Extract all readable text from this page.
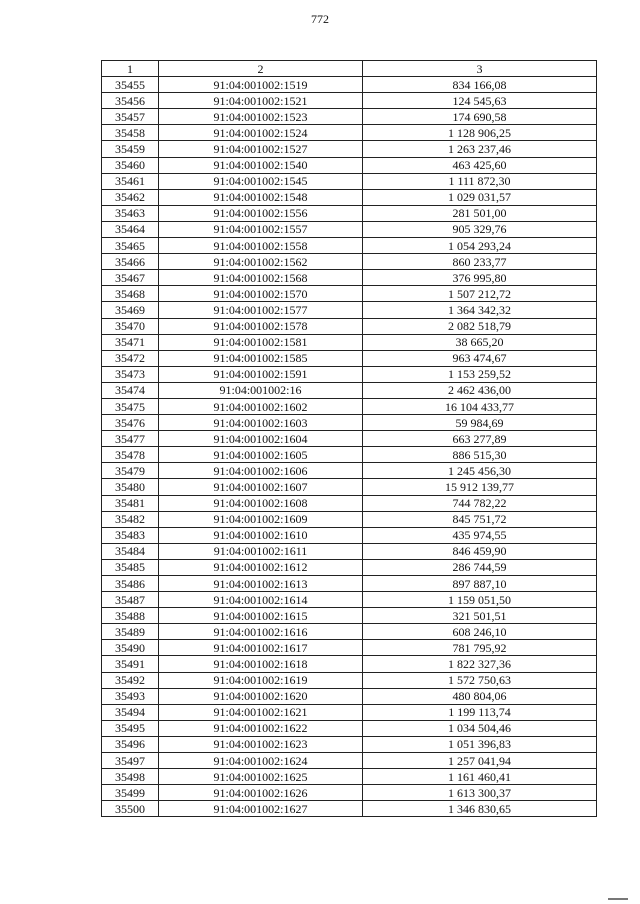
772
1	2	3
35455	91:04:001002:1519	834 166,08
35456	91:04:001002:1521	124 545,63
35457	91:04:001002:1523	174 690,58
35458	91:04:001002:1524	1 128 906,25
35459	91:04:001002:1527	1 263 237,46
35460	91:04:001002:1540	463 425,60
35461	91:04:001002:1545	1 111 872,30
35462	91:04:001002:1548	1 029 031,57
35463	91:04:001002:1556	281 501,00
35464	91:04:001002:1557	905 329,76
35465	91:04:001002:1558	1 054 293,24
35466	91:04:001002:1562	860 233,77
35467	91:04:001002:1568	376 995,80
35468	91:04:001002:1570	1 507 212,72
35469	91:04:001002:1577	1 364 342,32
35470	91:04:001002:1578	2 082 518,79
35471	91:04:001002:1581	38 665,20
35472	91:04:001002:1585	963 474,67
35473	91:04:001002:1591	1 153 259,52
35474	91:04:001002:16	2 462 436,00
35475	91:04:001002:1602	16 104 433,77
35476	91:04:001002:1603	59 984,69
35477	91:04:001002:1604	663 277,89
35478	91:04:001002:1605	886 515,30
35479	91:04:001002:1606	1 245 456,30
35480	91:04:001002:1607	15 912 139,77
35481	91:04:001002:1608	744 782,22
35482	91:04:001002:1609	845 751,72
35483	91:04:001002:1610	435 974,55
35484	91:04:001002:1611	846 459,90
35485	91:04:001002:1612	286 744,59
35486	91:04:001002:1613	897 887,10
35487	91:04:001002:1614	1 159 051,50
35488	91:04:001002:1615	321 501,51
35489	91:04:001002:1616	608 246,10
35490	91:04:001002:1617	781 795,92
35491	91:04:001002:1618	1 822 327,36
35492	91:04:001002:1619	1 572 750,63
35493	91:04:001002:1620	480 804,06
35494	91:04:001002:1621	1 199 113,74
35495	91:04:001002:1622	1 034 504,46
35496	91:04:001002:1623	1 051 396,83
35497	91:04:001002:1624	1 257 041,94
35498	91:04:001002:1625	1 161 460,41
35499	91:04:001002:1626	1 613 300,37
35500	91:04:001002:1627	1 346 830,65
